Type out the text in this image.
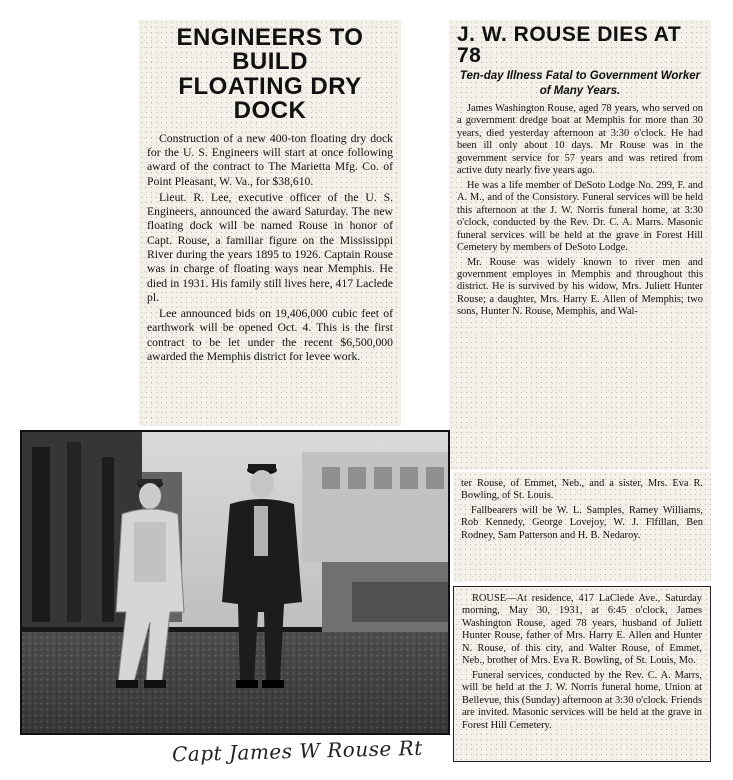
ENGINEERS TO BUILD
FLOATING DRY DOCK

Construction of a new 400-ton floating dry dock for the U. S. Engineers will start at once following award of the contract to The Marietta Mfg. Co. of Point Pleasant, W. Va., for $38,610.

Lieut. R. Lee, executive officer of the U. S. Engineers, announced the award Saturday. The new floating dock will be named Rouse in honor of Capt. Rouse, a familiar figure on the Mississippi River during the years 1895 to 1926. Captain Rouse was in charge of floating ways near Memphis. He died in 1931. His family still lives here, 417 Laclede pl.

Lee announced bids on 19,406,000 cubic feet of earthwork will be opened Oct. 4. This is the first contract to be let under the recent $6,500,000 awarded the Memphis district for levee work.

J. W. ROUSE DIES AT 78
Ten-day Illness Fatal to Government Worker of Many Years.

James Washington Rouse, aged 78 years, who served on a government dredge boat at Memphis for more than 30 years, died yesterday afternoon at 3:30 o'clock. He had been ill only about 10 days. Mr Rouse was in the government service for 57 years and was retired from active duty nearly five years ago.

He was a life member of DeSoto Lodge No. 299, F. and A. M., and of the Consistory. Funeral services will be held this afternoon at the J. W. Norris funeral home, at 3:30 o'clock, conducted by the Rev. Dr. C. A. Marrs. Masonic funeral services will be held at the grave in Forest Hill Cemetery by members of DeSoto Lodge.

Mr. Rouse was widely known to river men and government employes in Memphis and throughout this district. He is survived by his widow, Mrs. Juliett Hunter Rouse; a daughter, Mrs. Harry E. Allen of Memphis; two sons, Hunter N. Rouse, Memphis, and Wal-

ter Rouse, of Emmet, Neb., and a sister, Mrs. Eva R. Bowling, of St. Louis.

Fallbearers will be W. L. Samples, Ramey Williams, Rob Kennedy, George Lovejoy, W. J. Flfillan, Ben Rodney, Sam Patterson and H. B. Nedaroy.

ROUSE—At residence, 417 LaClede Ave., Saturday morning, May 30, 1931, at 6:45 o'clock, James Washington Rouse, aged 78 years, husband of Juliett Hunter Rouse, father of Mrs. Harry E. Allen and Hunter N. Rouse, of this city, and Walter Rouse, of Emmet, Neb., brother of Mrs. Eva R. Bowling, of St. Louis, Mo.

Funeral services, conducted by the Rev. C. A. Marrs, will be held at the J. W. Norris funeral home, Union at Bellevue, this (Sunday) afternoon at 3:30 o'clock. Friends are invited. Masonic services will be held at the grave in Forest Hill Cemetery.

Capt James W Rouse Rt
